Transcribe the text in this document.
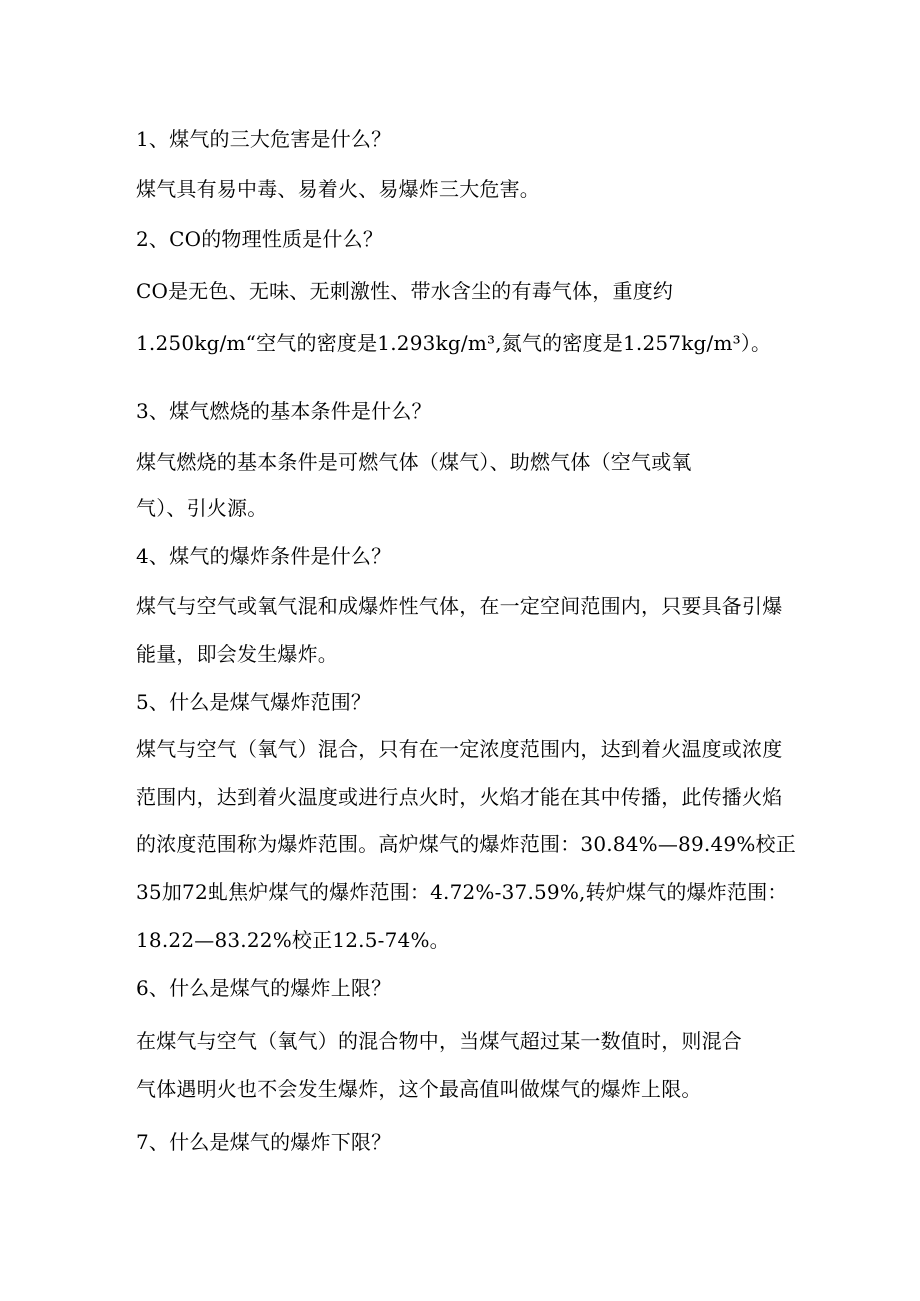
1、煤气的三大危害是什么？
煤气具有易中毒、易着火、易爆炸三大危害。
2、CO的物理性质是什么？
CO是无色、无味、无刺激性、带水含尘的有毒气体，重度约
1.250kg∕m“空气的密度是1.293kg∕m³,氮气的密度是1.257kg∕m³）。
3、煤气燃烧的基本条件是什么？
煤气燃烧的基本条件是可燃气体（煤气）、助燃气体（空气或氧
气）、引火源。
4、煤气的爆炸条件是什么？
煤气与空气或氧气混和成爆炸性气体，在一定空间范围内，只要具备引爆
能量，即会发生爆炸。
5、什么是煤气爆炸范围？
煤气与空气（氧气）混合，只有在一定浓度范围内，达到着火温度或浓度
范围内，达到着火温度或进行点火时，火焰才能在其中传播，此传播火焰
的浓度范围称为爆炸范围。高炉煤气的爆炸范围：30.84%—89.49%校正
35加72虬焦炉煤气的爆炸范围：4.72%-37.59%,转炉煤气的爆炸范围：
18.22—83.22%校正12.5-74%。
6、什么是煤气的爆炸上限？
在煤气与空气（氧气）的混合物中，当煤气超过某一数值时，则混合
气体遇明火也不会发生爆炸，这个最高值叫做煤气的爆炸上限。
7、什么是煤气的爆炸下限？
